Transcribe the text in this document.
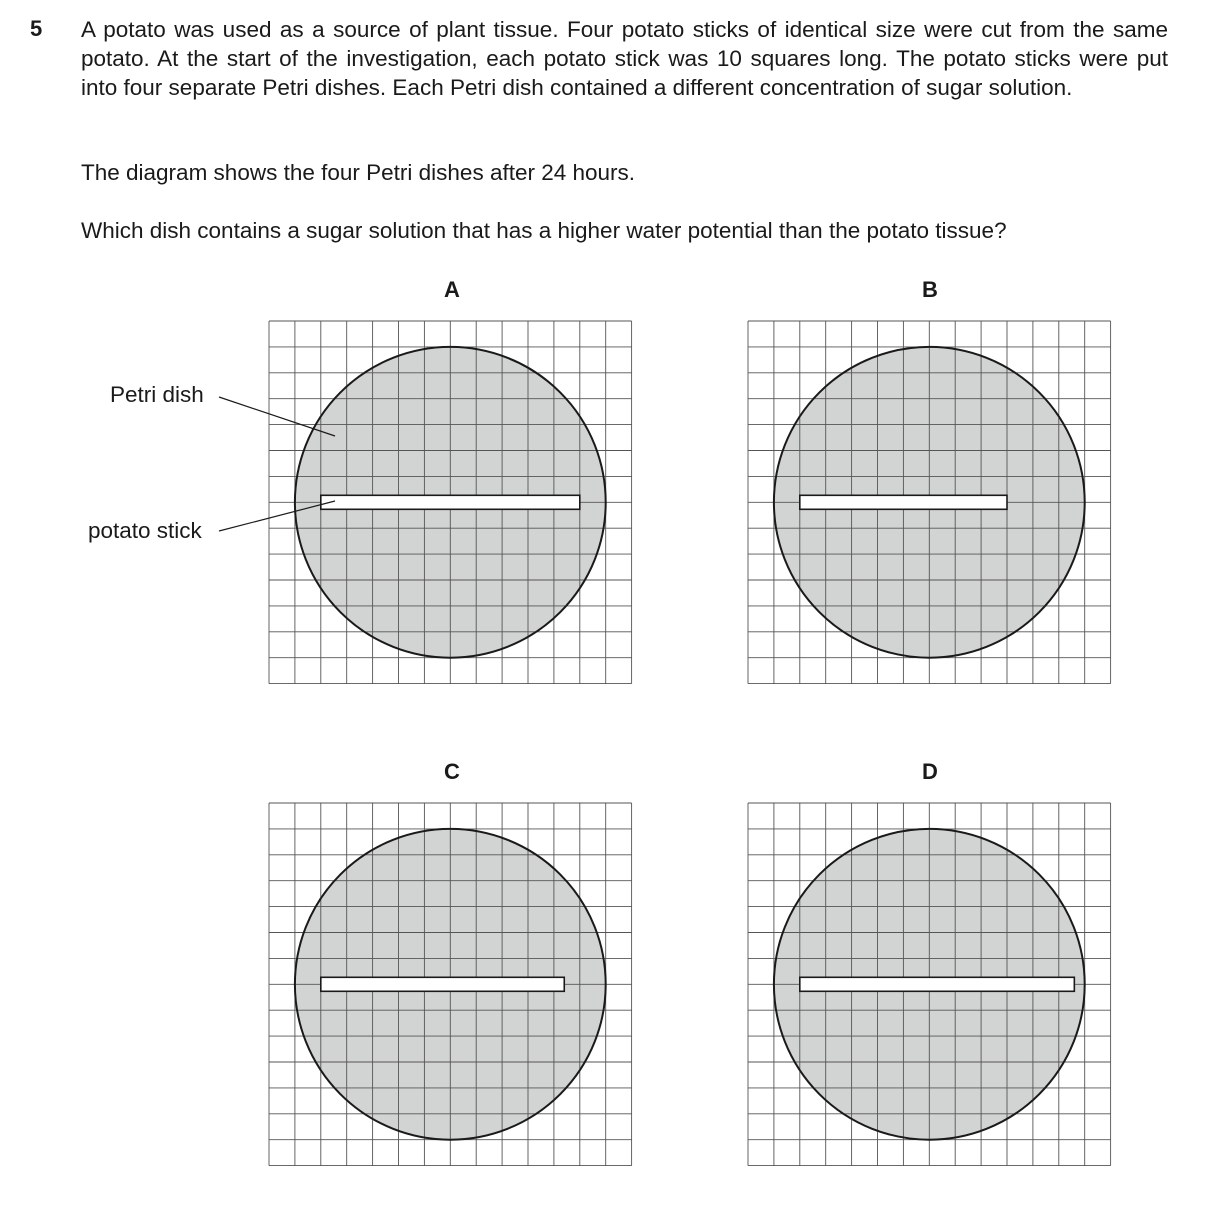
5 A potato was used as a source of plant tissue. Four potato sticks of identical size were cut from the same potato. At the start of the investigation, each potato stick was 10 squares long. The potato sticks were put into four separate Petri dishes. Each Petri dish contained a different concentration of sugar solution.

The diagram shows the four Petri dishes after 24 hours.

Which dish contains a sugar solution that has a higher water potential than the potato tissue?

A	B
C	D
Petri dish
potato stick
